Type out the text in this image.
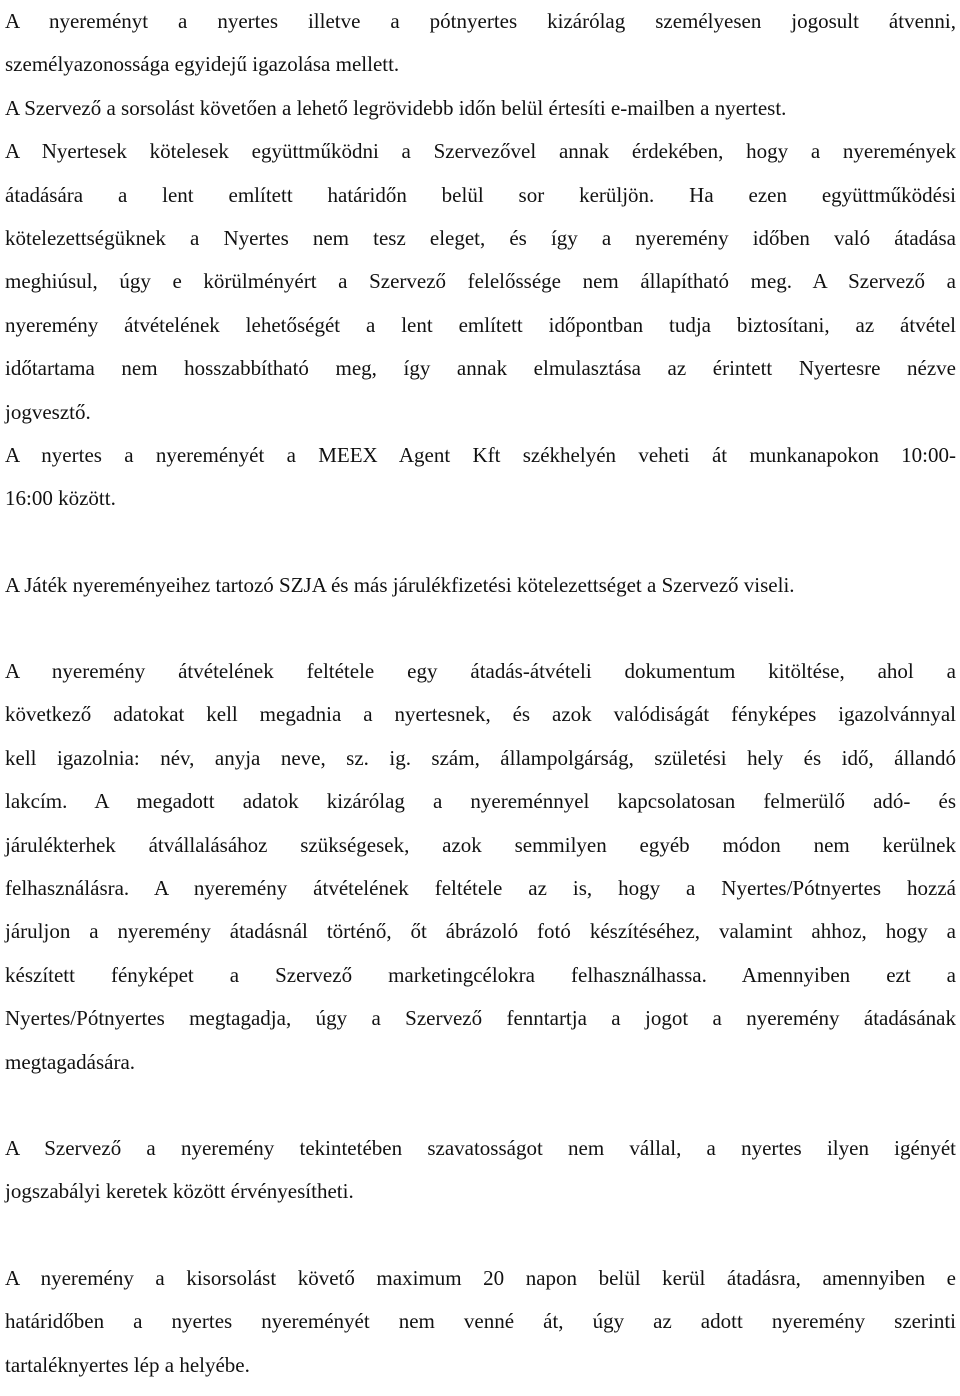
A nyereményt a nyertes illetve a pótnyertes kizárólag személyesen jogosult átvenni,
személyazonossága egyidejű igazolása mellett.
A Szervező a sorsolást követően a lehető legrövidebb időn belül értesíti e-mailben a nyertest.
A Nyertesek kötelesek együttműködni a Szervezővel annak érdekében, hogy a nyeremények
átadására a lent említett határidőn belül sor kerüljön. Ha ezen együttműködési
kötelezettségüknek a Nyertes nem tesz eleget, és így a nyeremény időben való átadása
meghiúsul, úgy e körülményért a Szervező felelőssége nem állapítható meg. A Szervező a
nyeremény átvételének lehetőségét a lent említett időpontban tudja biztosítani, az átvétel
időtartama nem hosszabbítható meg, így annak elmulasztása az érintett Nyertesre nézve
jogvesztő.
A nyertes a nyereményét a MEEX Agent Kft székhelyén veheti át munkanapokon 10:00-
16:00 között.
A Játék nyereményeihez tartozó SZJA és más járulékfizetési kötelezettséget a Szervező viseli.
A nyeremény átvételének feltétele egy átadás-átvételi dokumentum kitöltése, ahol a
következő adatokat kell megadnia a nyertesnek, és azok valódiságát fényképes igazolvánnyal
kell igazolnia: név, anyja neve, sz. ig. szám, állampolgárság, születési hely és idő, állandó
lakcím. A megadott adatok kizárólag a nyereménnyel kapcsolatosan felmerülő adó- és
járulékterhek átvállalásához szükségesek, azok semmilyen egyéb módon nem kerülnek
felhasználásra. A nyeremény átvételének feltétele az is, hogy a Nyertes/Pótnyertes hozzá
járuljon a nyeremény átadásnál történő, őt ábrázoló fotó készítéséhez, valamint ahhoz, hogy a
készített fényképet a Szervező marketingcélokra felhasználhassa. Amennyiben ezt a
Nyertes/Pótnyertes megtagadja, úgy a Szervező fenntartja a jogot a nyeremény átadásának
megtagadására.
A Szervező a nyeremény tekintetében szavatosságot nem vállal, a nyertes ilyen igényét
jogszabályi keretek között érvényesítheti.
A nyeremény a kisorsolást követő maximum 20 napon belül kerül átadásra, amennyiben e
határidőben a nyertes nyereményét nem venné át, úgy az adott nyeremény szerinti
tartaléknyertes lép a helyébe.
